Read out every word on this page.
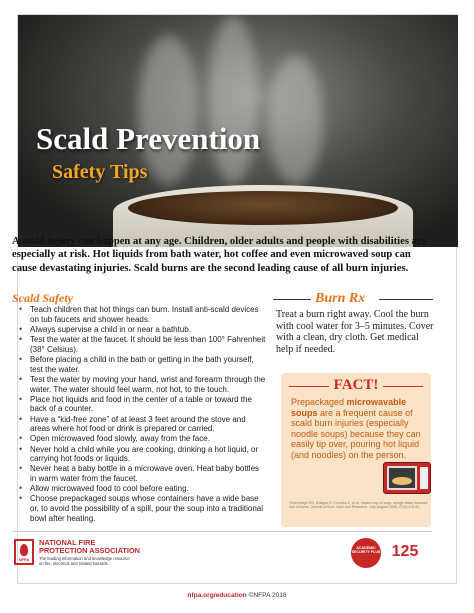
Scald Prevention
Safety Tips

A scald injury can happen at any age. Children, older adults and people with disabilities are especially at risk. Hot liquids from bath water, hot coffee and even microwaved soup can cause devastating injuries. Scald burns are the second leading cause of all burn injuries.

Scald Safety
• Teach children that hot things can burn. Install anti-scald devices on tub faucets and shower heads.
• Always supervise a child in or near a bathtub.
• Test the water at the faucet. It should be less than 100° Fahrenheit (38° Celsius).
• Before placing a child in the bath or getting in the bath yourself, test the water.
• Test the water by moving your hand, wrist and forearm through the water. The water should feel warm, not hot, to the touch.
• Place hot liquids and food in the center of a table or toward the back of a counter.
• Have a “kid-free zone” of at least 3 feet around the stove and areas where hot food or drink is prepared or carried.
• Open microwaved food slowly, away from the face.
• Never hold a child while you are cooking, drinking a hot liquid, or carrying hot foods or liquids.
• Never heat a baby bottle in a microwave oven. Heat baby bottles in warm water from the faucet.
• Allow microwaved food to cool before eating.
• Choose prepackaged soups whose containers have a wide base or, to avoid the possibility of a spill, pour the soup into a traditional bowl after heating.
Burn Rx

Treat a burn right away. Cool the burn with cool water for 3–5 minutes. Cover with a clean, dry cloth. Get medical help if needed.

FACT!

Prepackaged microwavable soups are a frequent cause of scald burn injuries (especially noodle soups) because they can easily tip over, pouring hot liquid (and noodles) on the person.

Greenhalgh DG, Bridges P, Coombs E, et al. Instant cup of soup: design flaws increase risk of burns. Journal of Burn Care and Research. July-August 2006; 27(4):476-81

NFPA
NATIONAL FIRE
PROTECTION ASSOCIATION
The leading information and knowledge resource
on fire, electrical and related hazards
ACADEMIC SECURITY PLUS 125
nfpa.org/education ©NFPA 2018
